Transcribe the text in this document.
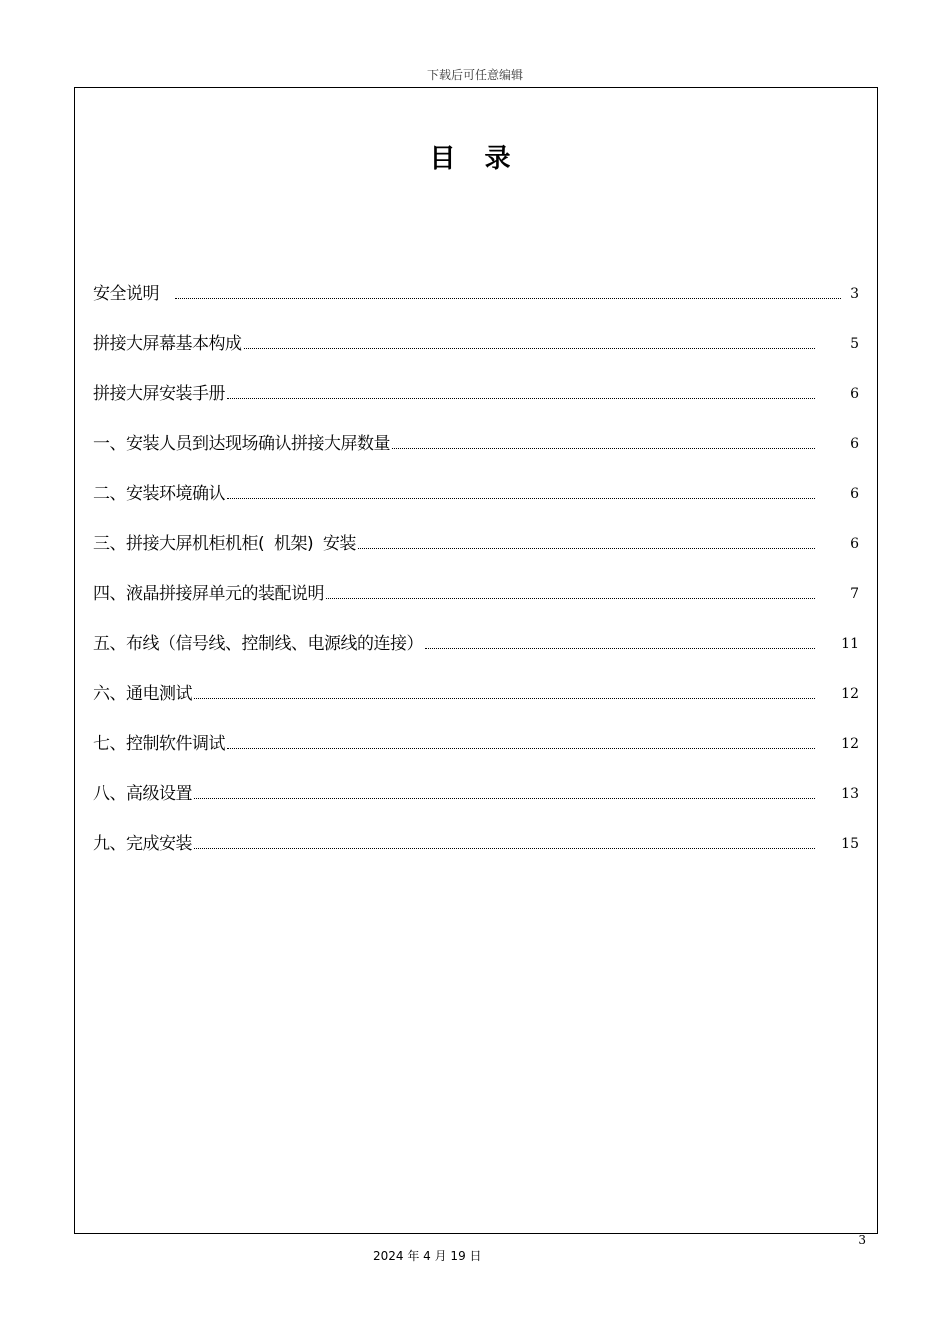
下载后可任意编辑
目 录
安全说明	3
拼接大屏幕基本构成	5
拼接大屏安装手册	6
一、安装人员到达现场确认拼接大屏数量	6
二、安装环境确认	6
三、拼接大屏机柜机柜(  机架)  安装	6
四、液晶拼接屏单元的装配说明	7
五、布线（信号线、控制线、电源线的连接）	11
六、通电测试	12
七、控制软件调试	12
八、高级设置	13
九、完成安装	15
3
2024 年 4 月 19 日
